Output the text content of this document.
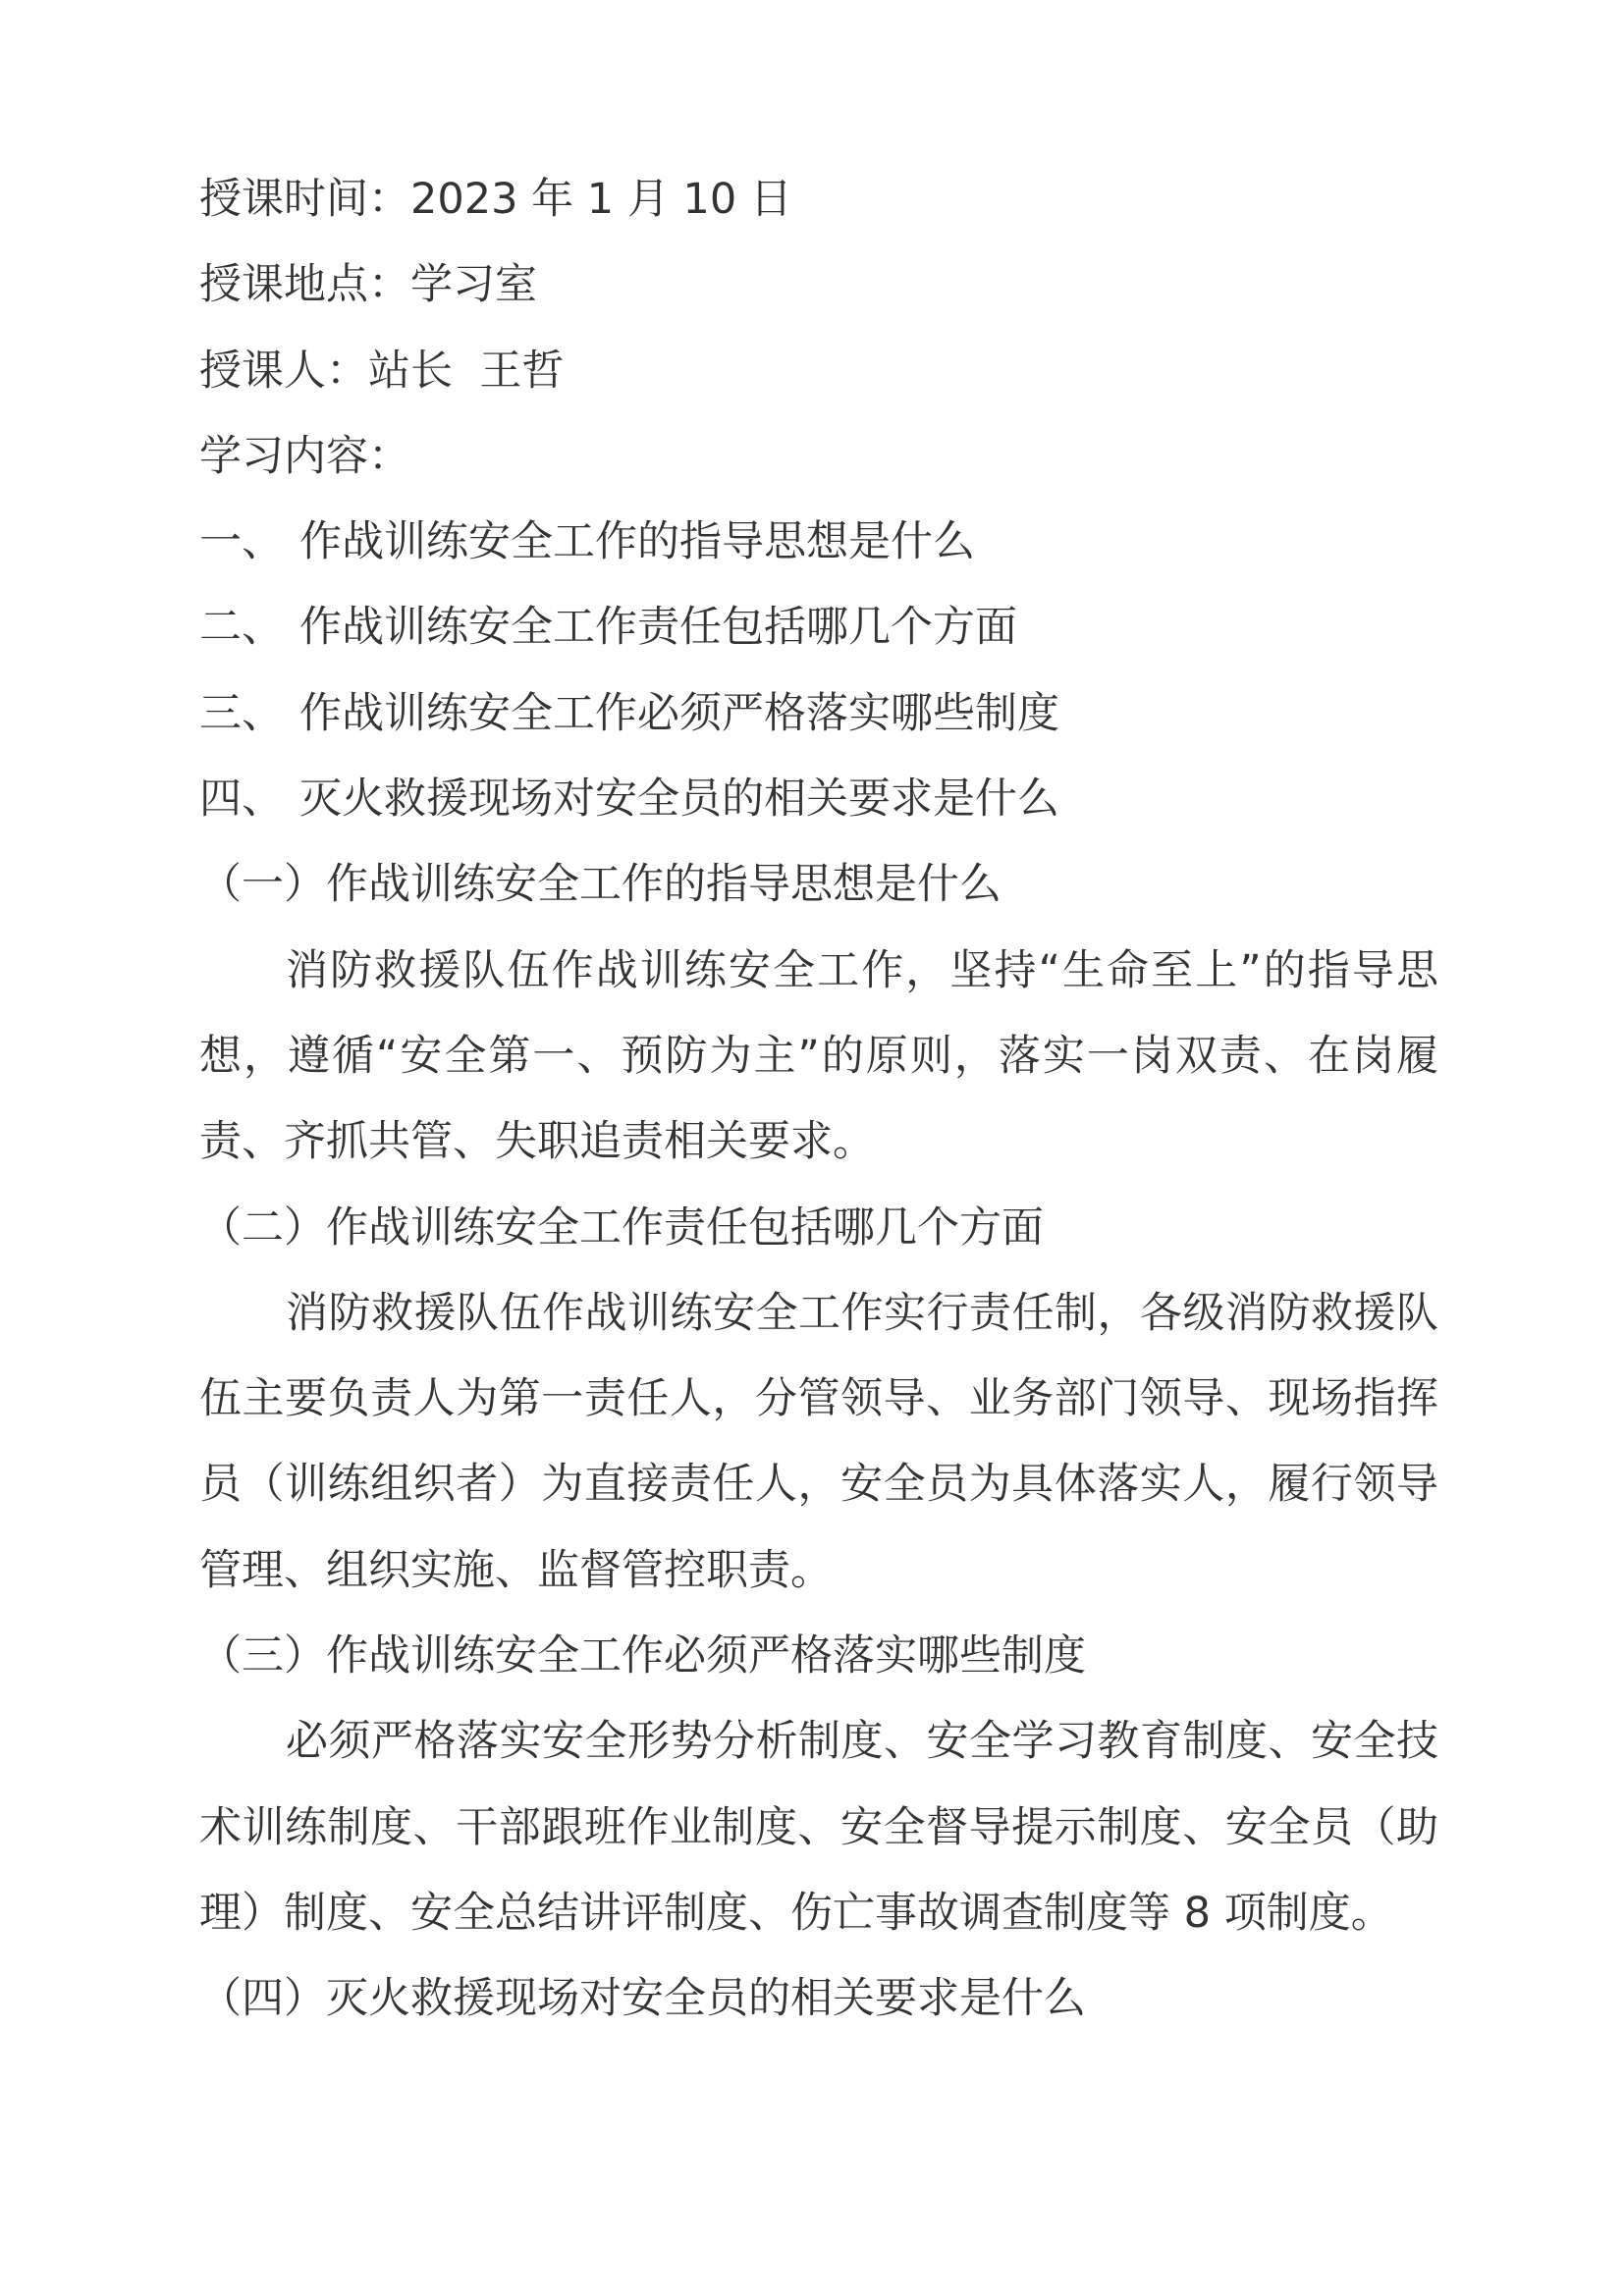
授课时间：2023 年 1 月 10 日

授课地点：学习室

授课人：站长  王哲

学习内容：

一、 作战训练安全工作的指导思想是什么

二、 作战训练安全工作责任包括哪几个方面

三、 作战训练安全工作必须严格落实哪些制度

四、 灭火救援现场对安全员的相关要求是什么

（一）作战训练安全工作的指导思想是什么

消防救援队伍作战训练安全工作，坚持“生命至上”的指导思想，遵循“安全第一、预防为主”的原则，落实一岗双责、在岗履责、齐抓共管、失职追责相关要求。

（二）作战训练安全工作责任包括哪几个方面

消防救援队伍作战训练安全工作实行责任制，各级消防救援队伍主要负责人为第一责任人，分管领导、业务部门领导、现场指挥员（训练组织者）为直接责任人，安全员为具体落实人，履行领导管理、组织实施、监督管控职责。

（三）作战训练安全工作必须严格落实哪些制度

必须严格落实安全形势分析制度、安全学习教育制度、安全技术训练制度、干部跟班作业制度、安全督导提示制度、安全员（助理）制度、安全总结讲评制度、伤亡事故调查制度等 8 项制度。

（四）灭火救援现场对安全员的相关要求是什么
